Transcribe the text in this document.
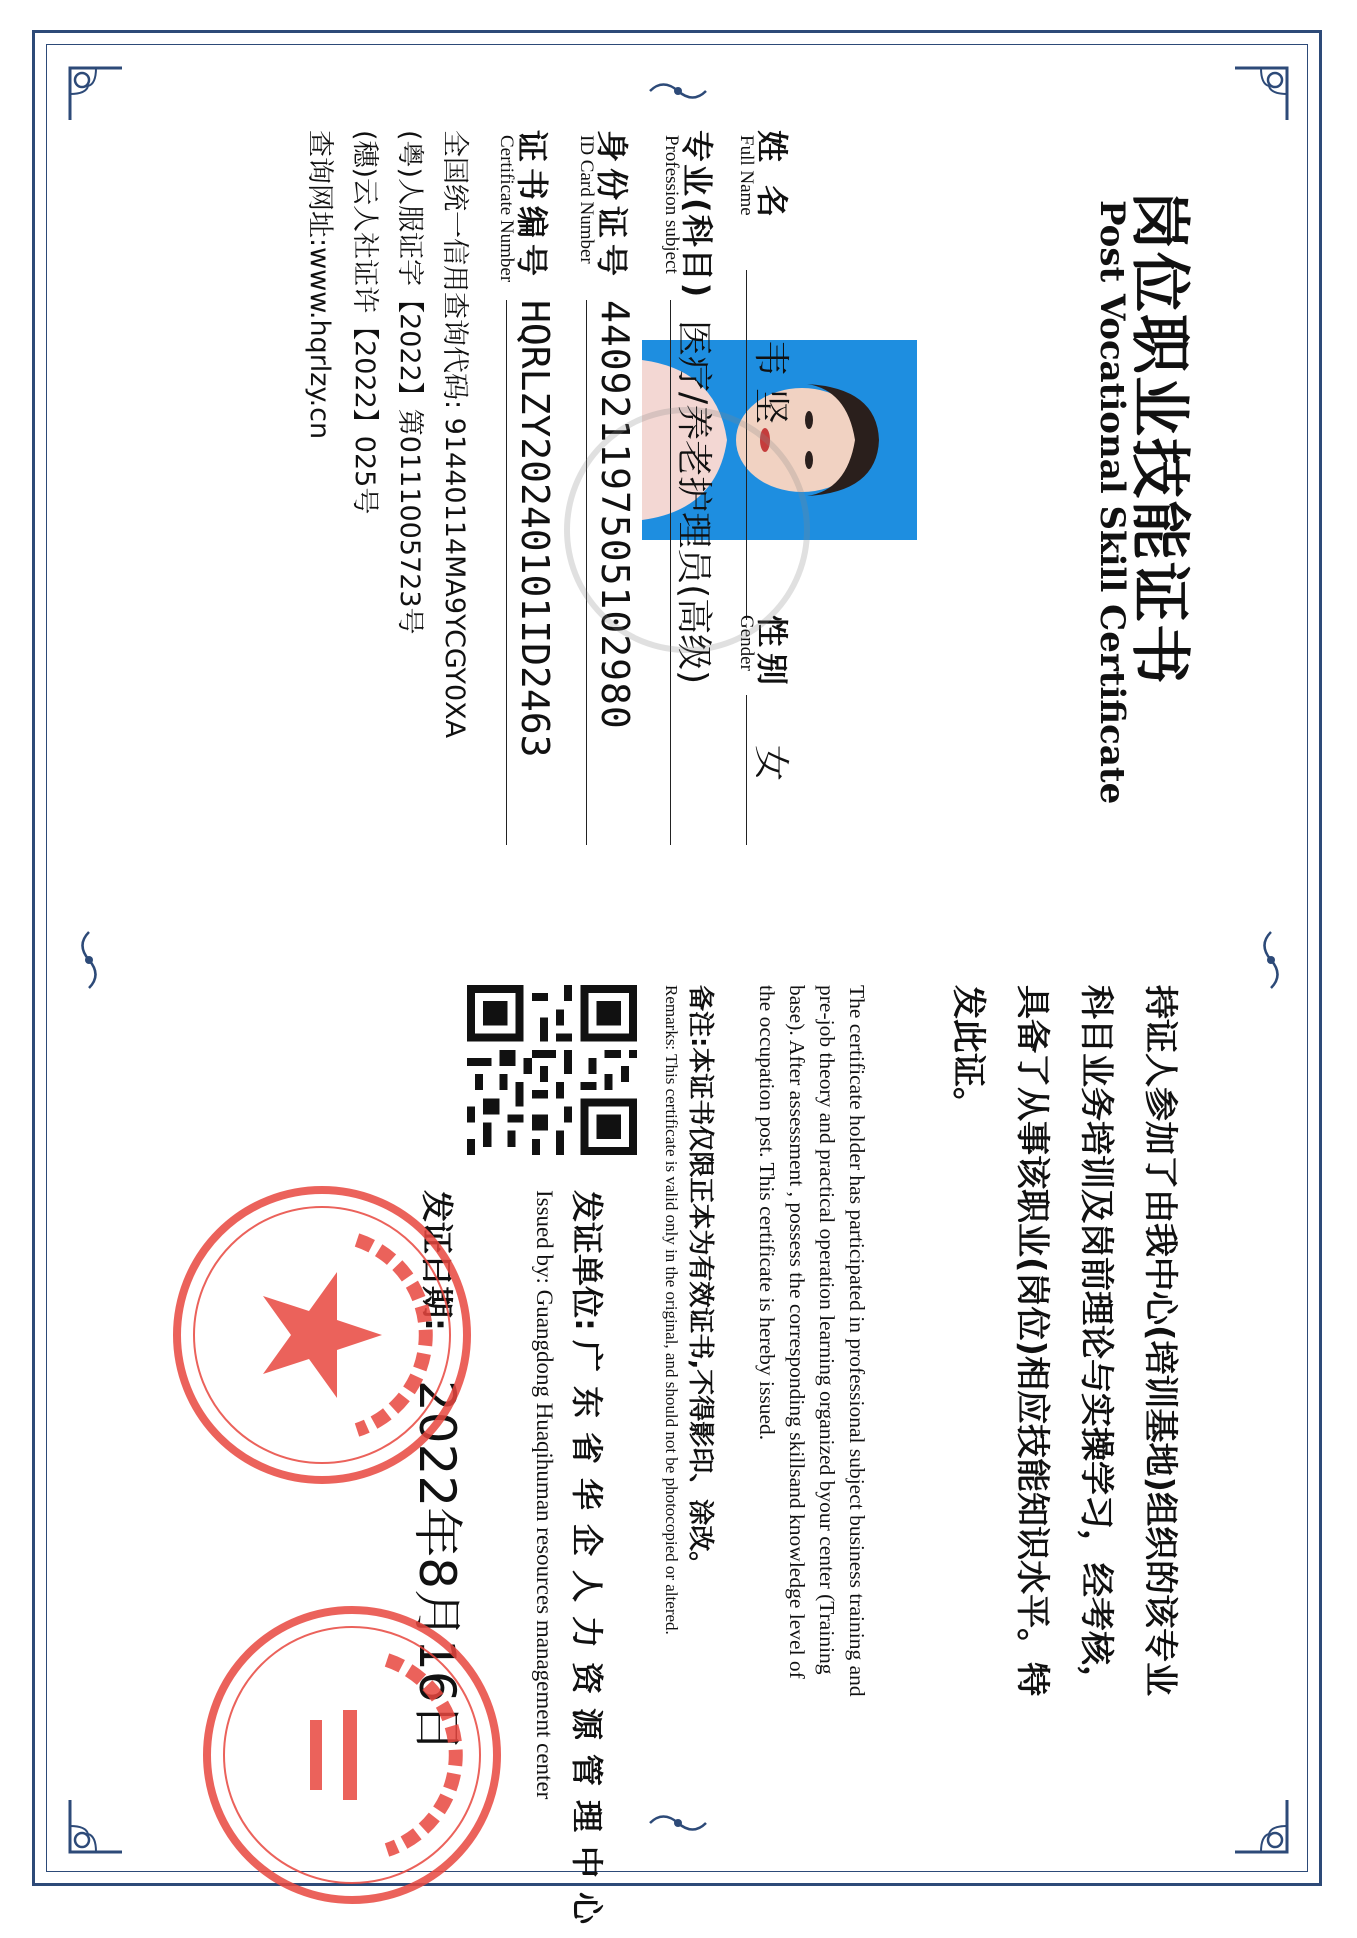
岗位职业技能证书
Post Vocational Skill Certificate
姓 名
Full Name
韦坚
性别
Gender
女
专业(科目)
Profession subject
医疗/养老护理员(高级)
身份证号
ID Card Number
440921197505102980
证书编号
Certificate Number
HQRLZY20240101ID2463
全国统一信用查询代码: 91440114MA9YCGY0XA
(粤)人服证字【2022】第0111005723号
(穗)云人社证许【2022】025号
查询网址:www.hqrlzy.cn
持证人参加了由我中心(培训基地)组织的该专业科目业务培训及岗前理论与实操学习，经考核，具备了从事该职业(岗位)相应技能知识水平。特发此证。
The certificate holder has participated in professional subject business training and pre-job theory and practical operation learning organized byour center (Training base). After assessment , possess the corresponding skillsand knowledge level of the occupation post. This certificate is hereby issued.
备注:本证书仅限正本为有效证书,不得影印、涂改。
Remarks: This certificate is valid only in the original, and should not be photocopied or altered.
发证单位:
广东省华企人力资源管理中心
Issued by: Guangdong Huaqihuman resources management center
发证日期:
2022年8月16日
